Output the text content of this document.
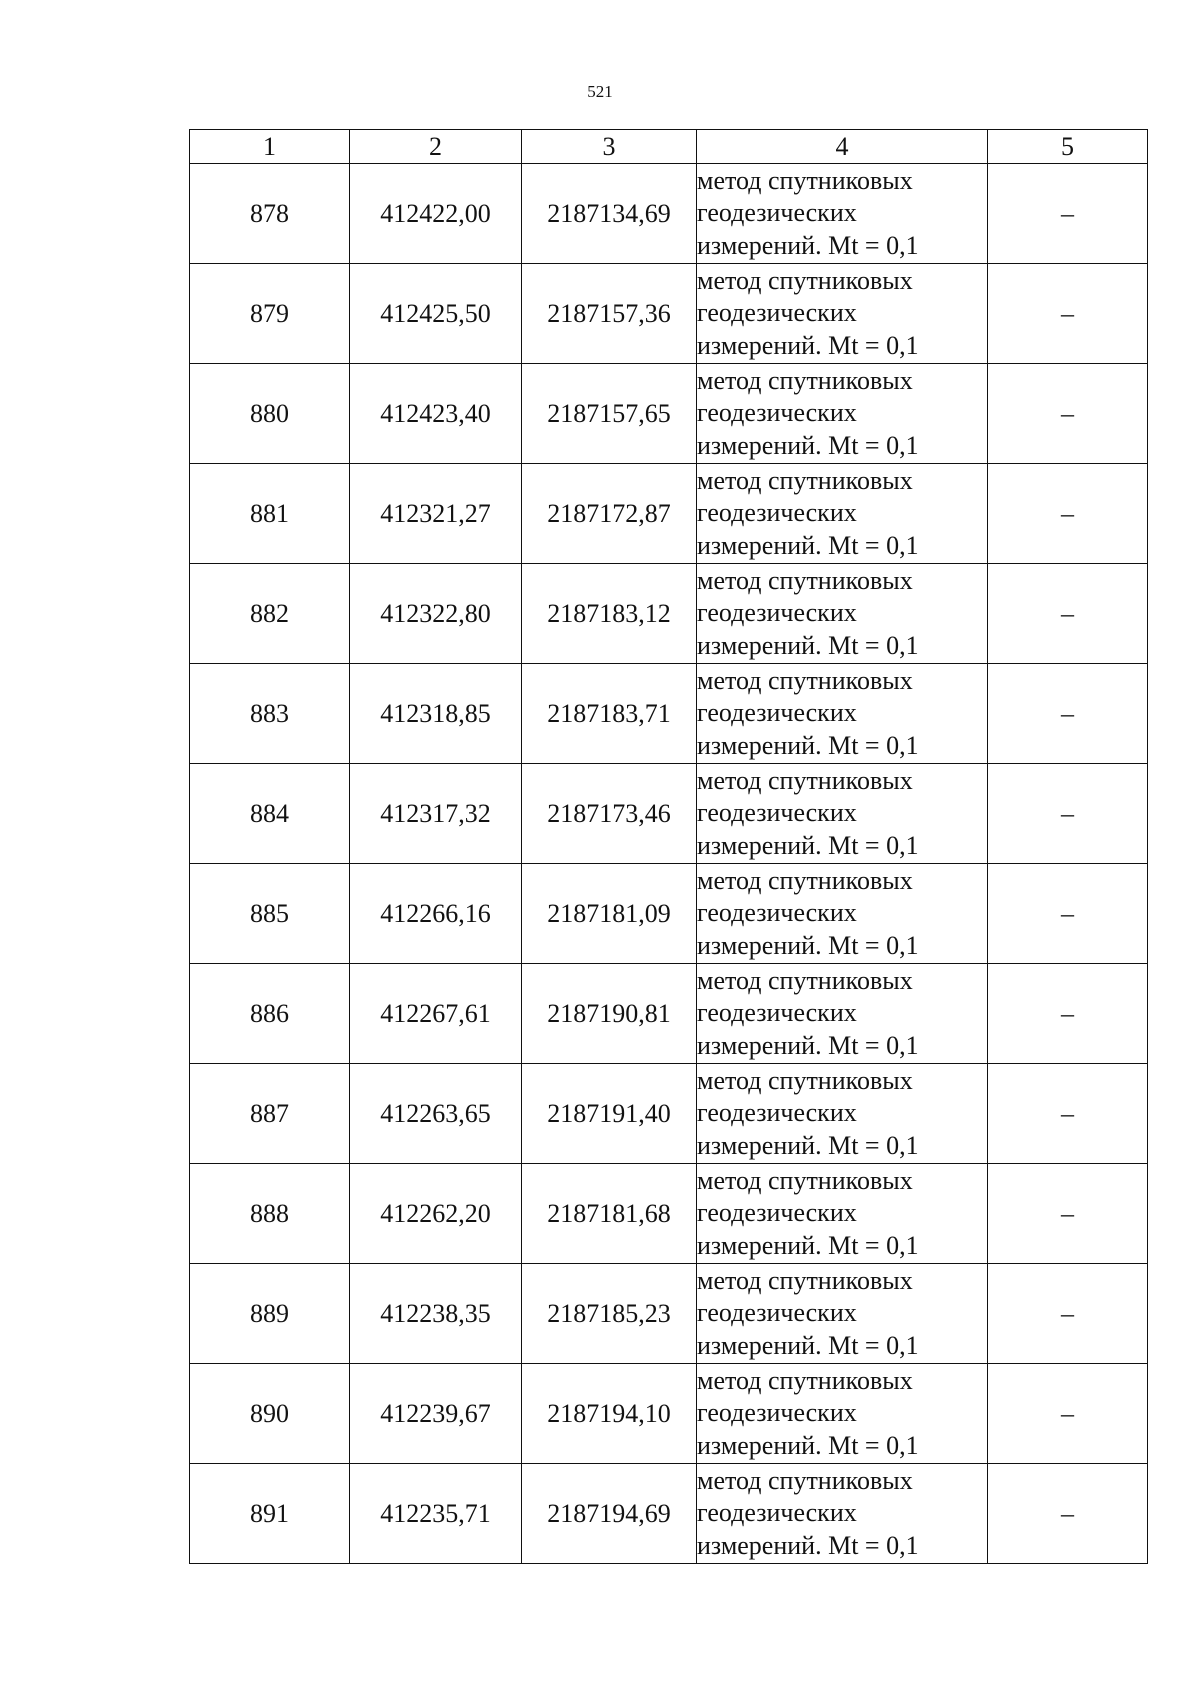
521
1	2	3	4	5
878	412422,00	2187134,69	метод спутниковых
геодезических
измерений. Mt = 0,1	–
879	412425,50	2187157,36	метод спутниковых
геодезических
измерений. Mt = 0,1	–
880	412423,40	2187157,65	метод спутниковых
геодезических
измерений. Mt = 0,1	–
881	412321,27	2187172,87	метод спутниковых
геодезических
измерений. Mt = 0,1	–
882	412322,80	2187183,12	метод спутниковых
геодезических
измерений. Mt = 0,1	–
883	412318,85	2187183,71	метод спутниковых
геодезических
измерений. Mt = 0,1	–
884	412317,32	2187173,46	метод спутниковых
геодезических
измерений. Mt = 0,1	–
885	412266,16	2187181,09	метод спутниковых
геодезических
измерений. Mt = 0,1	–
886	412267,61	2187190,81	метод спутниковых
геодезических
измерений. Mt = 0,1	–
887	412263,65	2187191,40	метод спутниковых
геодезических
измерений. Mt = 0,1	–
888	412262,20	2187181,68	метод спутниковых
геодезических
измерений. Mt = 0,1	–
889	412238,35	2187185,23	метод спутниковых
геодезических
измерений. Mt = 0,1	–
890	412239,67	2187194,10	метод спутниковых
геодезических
измерений. Mt = 0,1	–
891	412235,71	2187194,69	метод спутниковых
геодезических
измерений. Mt = 0,1	–
